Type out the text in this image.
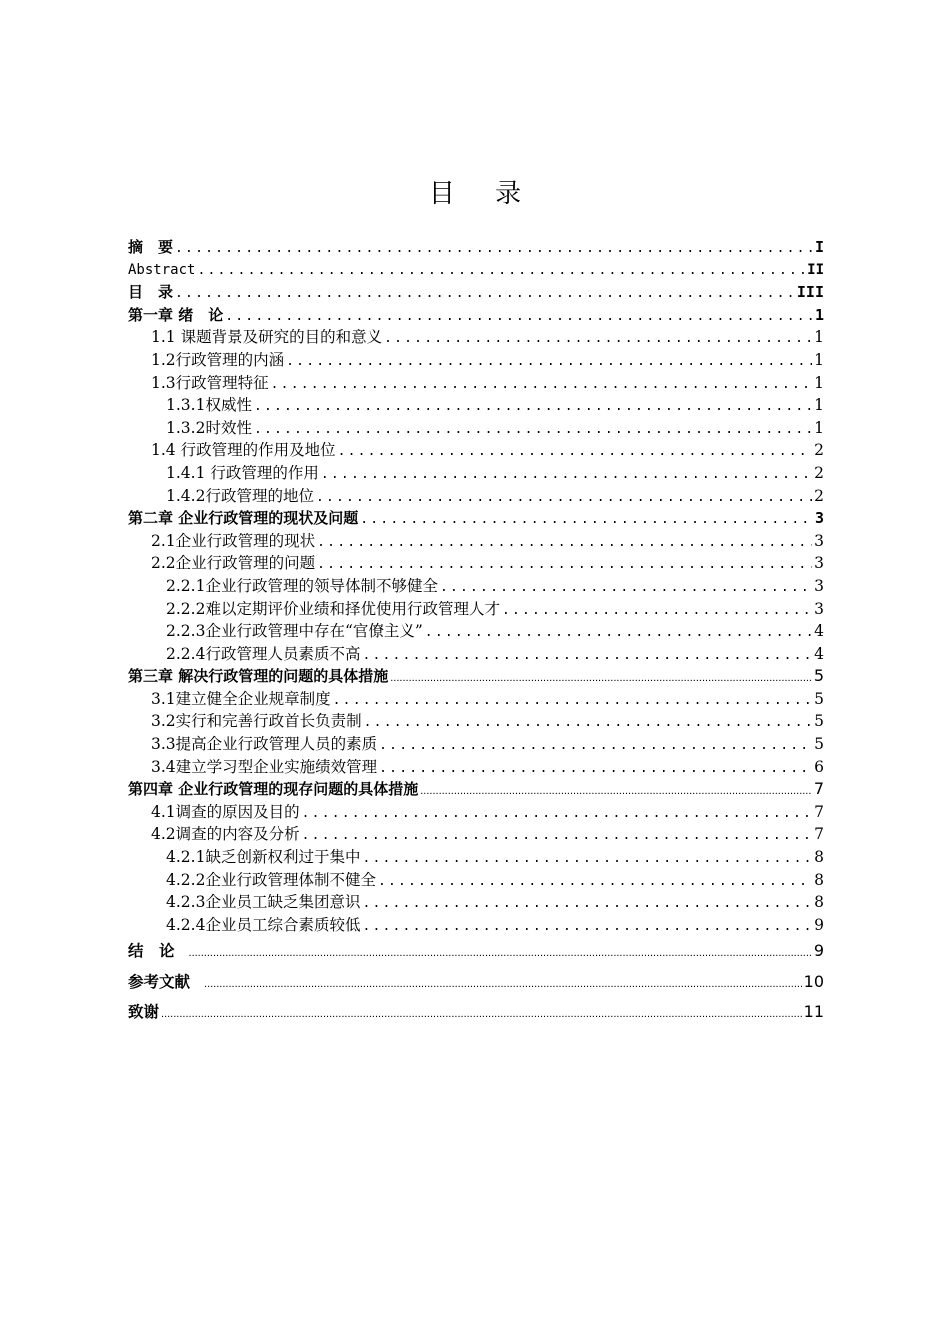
目 录
摘　要 .....	I
Abstract .....	II
目　录 .....	III
第一章 绪　论 .....	1
1.1 课题背景及研究的目的和意义 .....	1
1.2行政管理的内涵 .....	1
1.3行政管理特征 .....	1
1.3.1权威性 .....	1
1.3.2时效性 .....	1
1.4 行政管理的作用及地位 .....	2
1.4.1 行政管理的作用 .....	2
1.4.2行政管理的地位 .....	2
第二章 企业行政管理的现状及问题 .....	3
2.1企业行政管理的现状 .....	3
2.2企业行政管理的问题 .....	3
2.2.1企业行政管理的领导体制不够健全 .....	3
2.2.2难以定期评价业绩和择优使用行政管理人才 .....	3
2.2.3企业行政管理中存在“官僚主义” .....	4
2.2.4行政管理人员素质不高 .....	4
第三章 解决行政管理的问题的具体措施 .....	5
3.1建立健全企业规章制度 .....	5
3.2实行和完善行政首长负责制 .....	5
3.3提高企业行政管理人员的素质 .....	5
3.4建立学习型企业实施绩效管理 .....	6
第四章 企业行政管理的现存问题的具体措施 .....	7
4.1调查的原因及目的 .....	7
4.2调查的内容及分析 .....	7
4.2.1缺乏创新权利过于集中 .....	8
4.2.2企业行政管理体制不健全 .....	8
4.2.3企业员工缺乏集团意识 .....	8
4.2.4企业员工综合素质较低 .....	9
结　论 .....	9
参考文献 .....	10
致谢 .....	11
